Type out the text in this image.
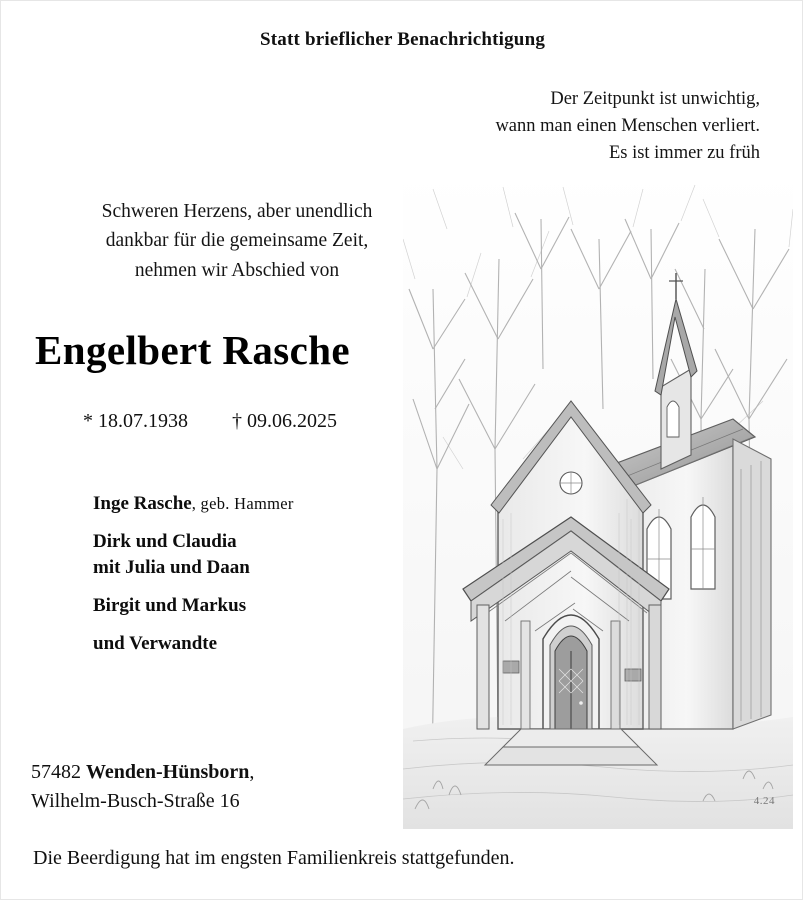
Statt brieflicher Benachrichtigung
Der Zeitpunkt ist unwichtig,
wann man einen Menschen verliert.
Es ist immer zu früh
Schweren Herzens, aber unendlich
dankbar für die gemeinsame Zeit,
nehmen wir Abschied von
Engelbert Rasche
* 18.07.1938 † 09.06.2025
Inge Rasche, geb. Hammer
Dirk und Claudia
mit Julia und Daan
Birgit und Markus
und Verwandte
57482 Wenden-Hünsborn,
Wilhelm-Busch-Straße 16
Die Beerdigung hat im engsten Familienkreis stattgefunden.
4.24
